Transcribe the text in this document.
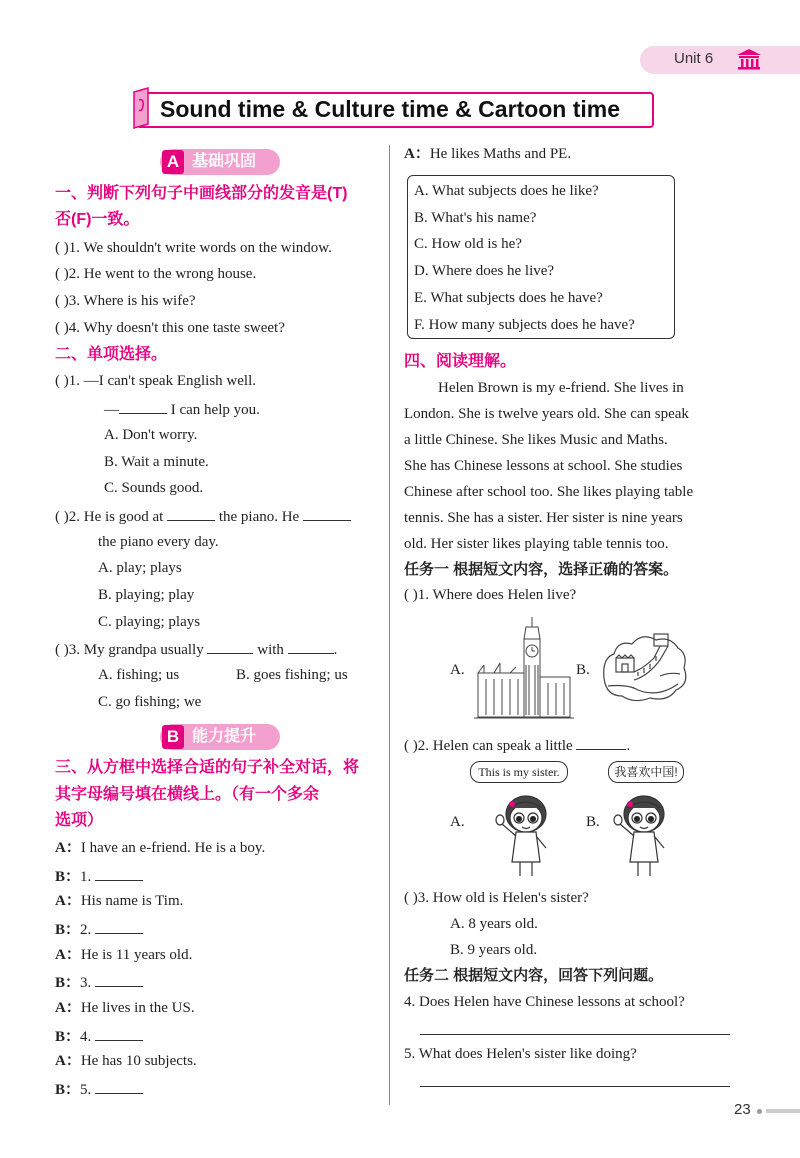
Unit 6
Sound time & Culture time & Cartoon time
A 基础巩固
一、判断下列句子中画线部分的发音是(T)
否(F)一致。
( )1. We shouldn't write words on the window.
( )2. He went to the wrong house.
( )3. Where is his wife?
( )4. Why doesn't this one taste sweet?
二、单项选择。
( )1. —I can't speak English well.
—	I can help you.
A. Don't worry.
B. Wait a minute.
C. Sounds good.
( )2. He is good at	the piano. He
the piano every day.
A. play; plays
B. playing; play
C. playing; plays
( )3. My grandpa usually	with	.
A. fishing; us	B. goes fishing; us
C. go fishing; we
B 能力提升
三、从方框中选择合适的句子补全对话，将
其字母编号填在横线上。（有一个多余
选项）
A：I have an e-friend. He is a boy.
B：1.
A：His name is Tim.
B：2.
A：He is 11 years old.
B：3.
A：He lives in the US.
B：4.
A：He has 10 subjects.
B：5.
A：He likes Maths and PE.
A. What subjects does he like?
B. What's his name?
C. How old is he?
D. Where does he live?
E. What subjects does he have?
F. How many subjects does he have?
四、阅读理解。
Helen Brown is my e-friend. She lives in
London. She is twelve years old. She can speak
a little Chinese. She likes Music and Maths.
She has Chinese lessons at school. She studies
Chinese after school too. She likes playing table
tennis. She has a sister. Her sister is nine years
old. Her sister likes playing table tennis too.
任务一 根据短文内容，选择正确的答案。
( )1. Where does Helen live?
A.	B.
( )2. Helen can speak a little	.
This is my sister.	我喜欢中国!
A.	B.
( )3. How old is Helen's sister?
A. 8 years old.
B. 9 years old.
任务二 根据短文内容，回答下列问题。
4. Does Helen have Chinese lessons at school?
5. What does Helen's sister like doing?
23
